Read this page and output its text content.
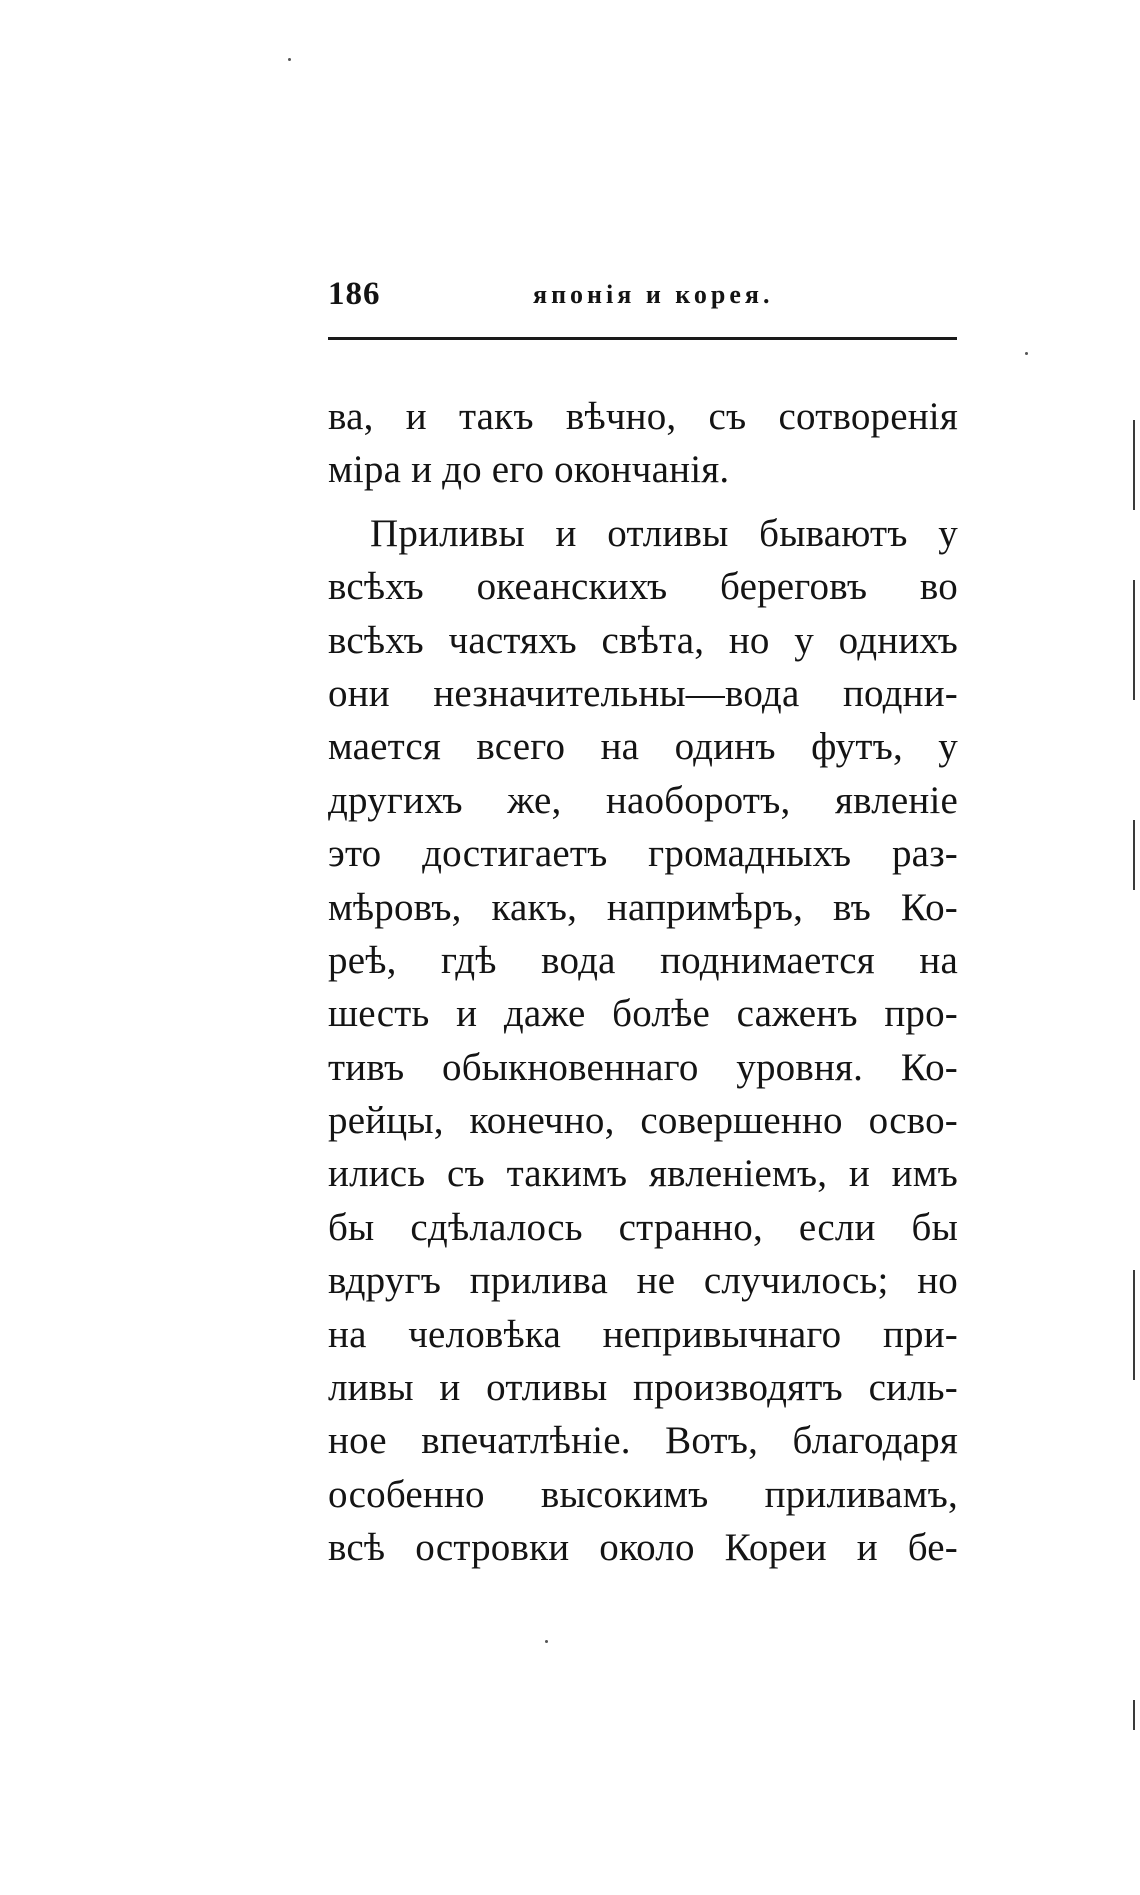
186	японія и корея.
ва, и такъ вѣчно, съ сотворенія
міра и до его окончанія.
Приливы и отливы бываютъ у
всѣхъ океанскихъ береговъ во
всѣхъ частяхъ свѣта, но у однихъ
они незначительны—вода подни-
мается всего на одинъ футъ, у
другихъ же, наоборотъ, явленіе
это достигаетъ громадныхъ раз-
мѣровъ, какъ, напримѣръ, въ Ко-
реѣ, гдѣ вода поднимается на
шесть и даже болѣе саженъ про-
тивъ обыкновеннаго уровня. Ко-
рейцы, конечно, совершенно осво-
ились съ такимъ явленіемъ, и имъ
бы сдѣлалось странно, если бы
вдругъ прилива не случилось; но
на человѣка непривычнаго при-
ливы и отливы производятъ силь-
ное впечатлѣніе. Вотъ, благодаря
особенно высокимъ приливамъ,
всѣ островки около Кореи и бе-
